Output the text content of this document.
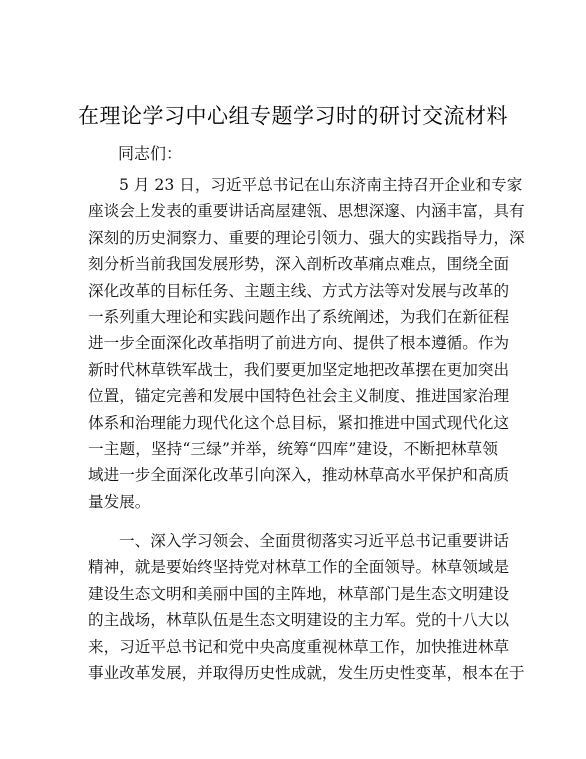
在理论学习中心组专题学习时的研讨交流材料
同志们：
5 月 23 日，习近平总书记在山东济南主持召开企业和专家
座谈会上发表的重要讲话高屋建瓴、思想深邃、内涵丰富，具有
深刻的历史洞察力、重要的理论引领力、强大的实践指导力，深
刻分析当前我国发展形势，深入剖析改革痛点难点，围绕全面
深化改革的目标任务、主题主线、方式方法等对发展与改革的
一系列重大理论和实践问题作出了系统阐述，为我们在新征程
进一步全面深化改革指明了前进方向、提供了根本遵循。作为
新时代林草铁军战士，我们要更加坚定地把改革摆在更加突出
位置，锚定完善和发展中国特色社会主义制度、推进国家治理
体系和治理能力现代化这个总目标，紧扣推进中国式现代化这
一主题，坚持“三绿”并举，统筹“四库”建设，不断把林草领
域进一步全面深化改革引向深入，推动林草高水平保护和高质
量发展。
一、深入学习领会、全面贯彻落实习近平总书记重要讲话
精神，就是要始终坚持党对林草工作的全面领导。林草领域是
建设生态文明和美丽中国的主阵地，林草部门是生态文明建设
的主战场，林草队伍是生态文明建设的主力军。党的十八大以
来，习近平总书记和党中央高度重视林草工作，加快推进林草
事业改革发展，并取得历史性成就，发生历史性变革，根本在于
